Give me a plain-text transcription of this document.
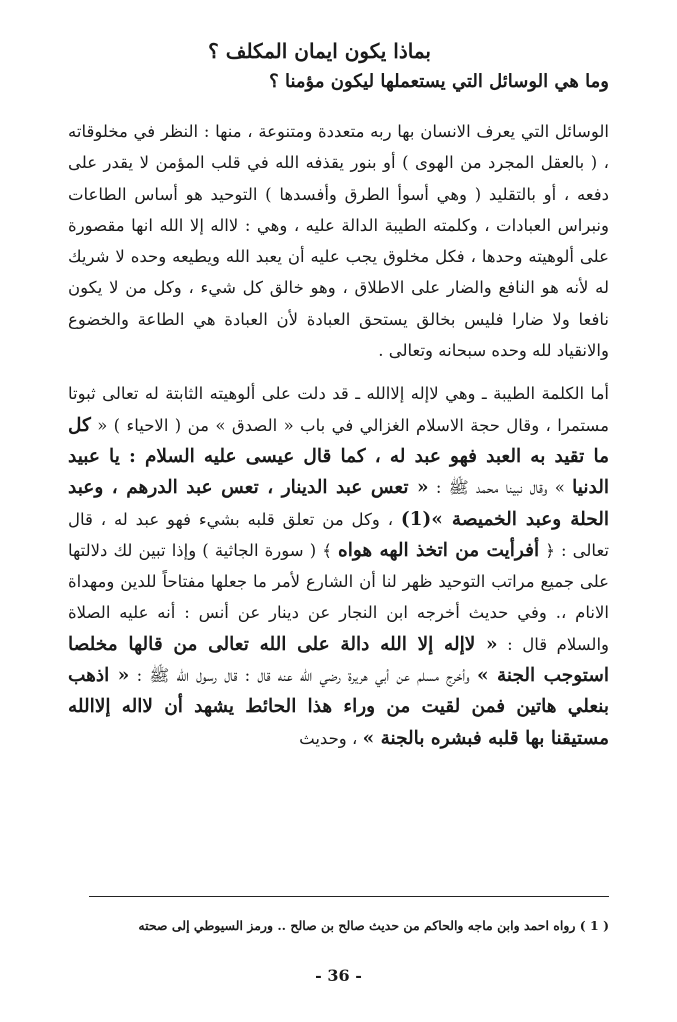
بماذا يكون ايمان المكلف ؟
وما هي الوسائل التي يستعملها ليكون مؤمنا ؟

الوسائل التي يعرف الانسان بها ربه متعددة ومتنوعة ، منها : النظر في مخلوقاته ، ( بالعقل المجرد من الهوى ) أو بنور يقذفه الله في قلب المؤمن لا يقدر على دفعه ، أو بالتقليد ( وهي أسوأ الطرق وأفسدها ) التوحيد هو أساس الطاعات ونبراس العبادات ، وكلمته الطيبة الدالة عليه ، وهي : لااله إلا الله انها مقصورة على ألوهيته وحدها ، فكل مخلوق يجب عليه أن يعبد الله ويطيعه وحده لا شريك له لأنه هو النافع والضار على الاطلاق ، وهو خالق كل شيء ، وكل من لا يكون نافعا ولا ضارا فليس بخالق يستحق العبادة لأن العبادة هي الطاعة والخضوع والانقياد لله وحده سبحانه وتعالى .

أما الكلمة الطيبة ـ وهي لاإله إلاالله ـ قد دلت على ألوهيته الثابتة له تعالى ثبوتا مستمرا ، وقال حجة الاسلام الغزالي في باب « الصدق » من ( الاحياء ) « كل ما تقيد به العبد فهو عبد له ، كما قال عيسى عليه السلام : يا عبيد الدنيا » وقال نبينا محمد ﷺ : « تعس عبد الدينار ، تعس عبد الدرهم ، وعبد الحلة وعبد الخميصة »(1) ، وكل من تعلق قلبه بشيء فهو عبد له ، قال تعالى : ﴿ أفرأيت من اتخذ الهه هواه ﴾ ( سورة الجاثية ) وإذا تبين لك دلالتها على جميع مراتب التوحيد ظهر لنا أن الشارع لأمر ما جعلها مفتاحاً للدين ومهداة الانام ،. وفي حديث أخرجه ابن النجار عن دينار عن أنس : أنه عليه الصلاة والسلام قال : « لاإله إلا الله دالة على الله تعالى من قالها مخلصا استوجب الجنة » وأخرج مسلم عن أبي هريرة رضي الله عنه قال : قال رسول الله ﷺ : « اذهب بنعلي هاتين فمن لقيت من وراء هذا الحائط يشهد أن لااله إلاالله مستيقنا بها قلبه فبشره بالجنة » ، وحديث

( 1 ) رواه احمد وابن ماجه والحاكم من حديث صالح بن صالح .. ورمز السيوطي إلى صحته
- 36 -
